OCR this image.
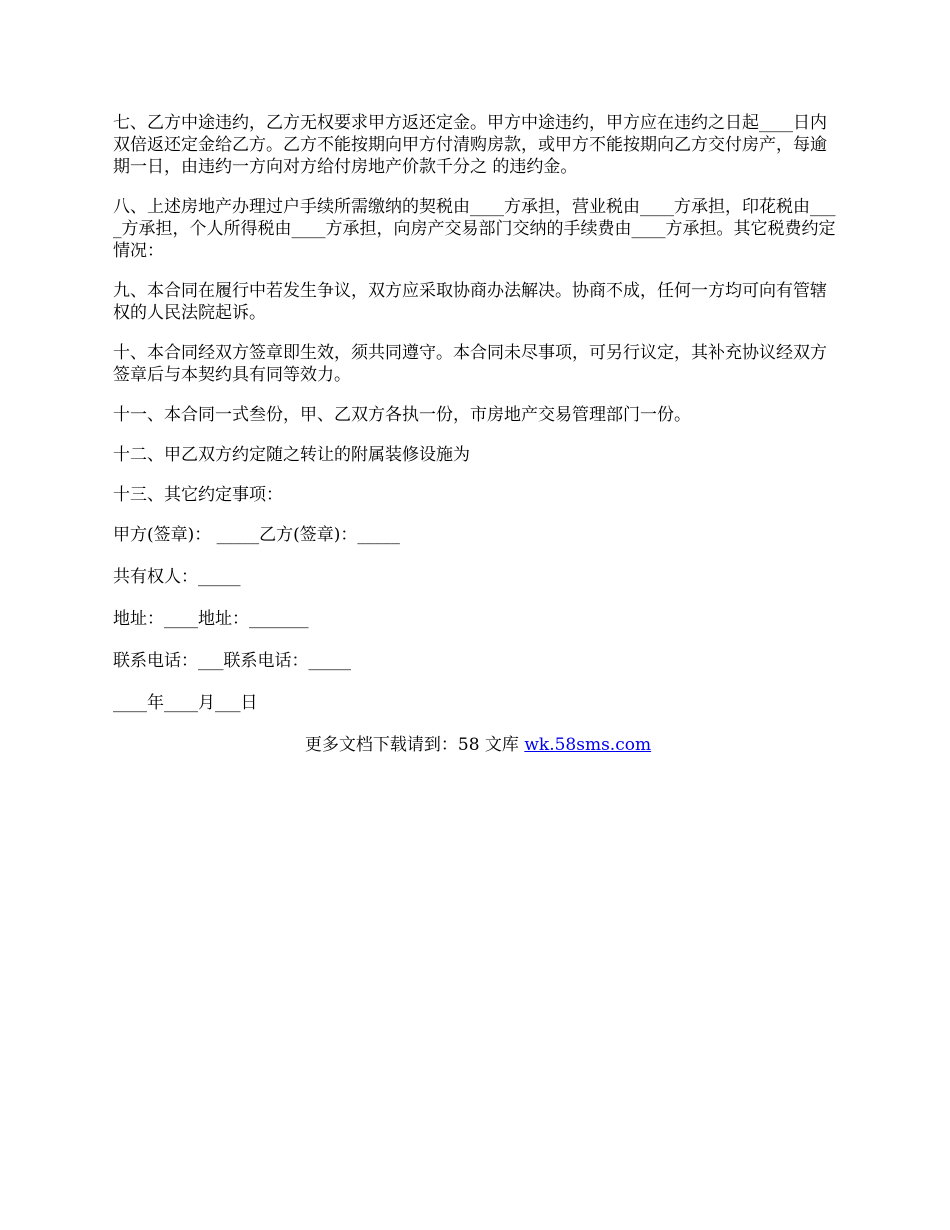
七、乙方中途违约，乙方无权要求甲方返还定金。甲方中途违约，甲方应在违约之日起____日内双倍返还定金给乙方。乙方不能按期向甲方付清购房款，或甲方不能按期向乙方交付房产，每逾期一日，由违约一方向对方给付房地产价款千分之 的违约金。

八、上述房地产办理过户手续所需缴纳的契税由____方承担，营业税由____方承担，印花税由____方承担，个人所得税由____方承担，向房产交易部门交纳的手续费由____方承担。其它税费约定情况：

九、本合同在履行中若发生争议，双方应采取协商办法解决。协商不成，任何一方均可向有管辖权的人民法院起诉。

十、本合同经双方签章即生效，须共同遵守。本合同未尽事项，可另行议定，其补充协议经双方签章后与本契约具有同等效力。

十一、本合同一式叁份，甲、乙双方各执一份，市房地产交易管理部门一份。

十二、甲乙双方约定随之转让的附属装修设施为

十三、其它约定事项：

甲方(签章)： _____乙方(签章)：_____

共有权人：_____

地址：____地址：_______

联系电话：___联系电话：_____

____年____月___日

更多文档下载请到：58 文库 wk.58sms.com
